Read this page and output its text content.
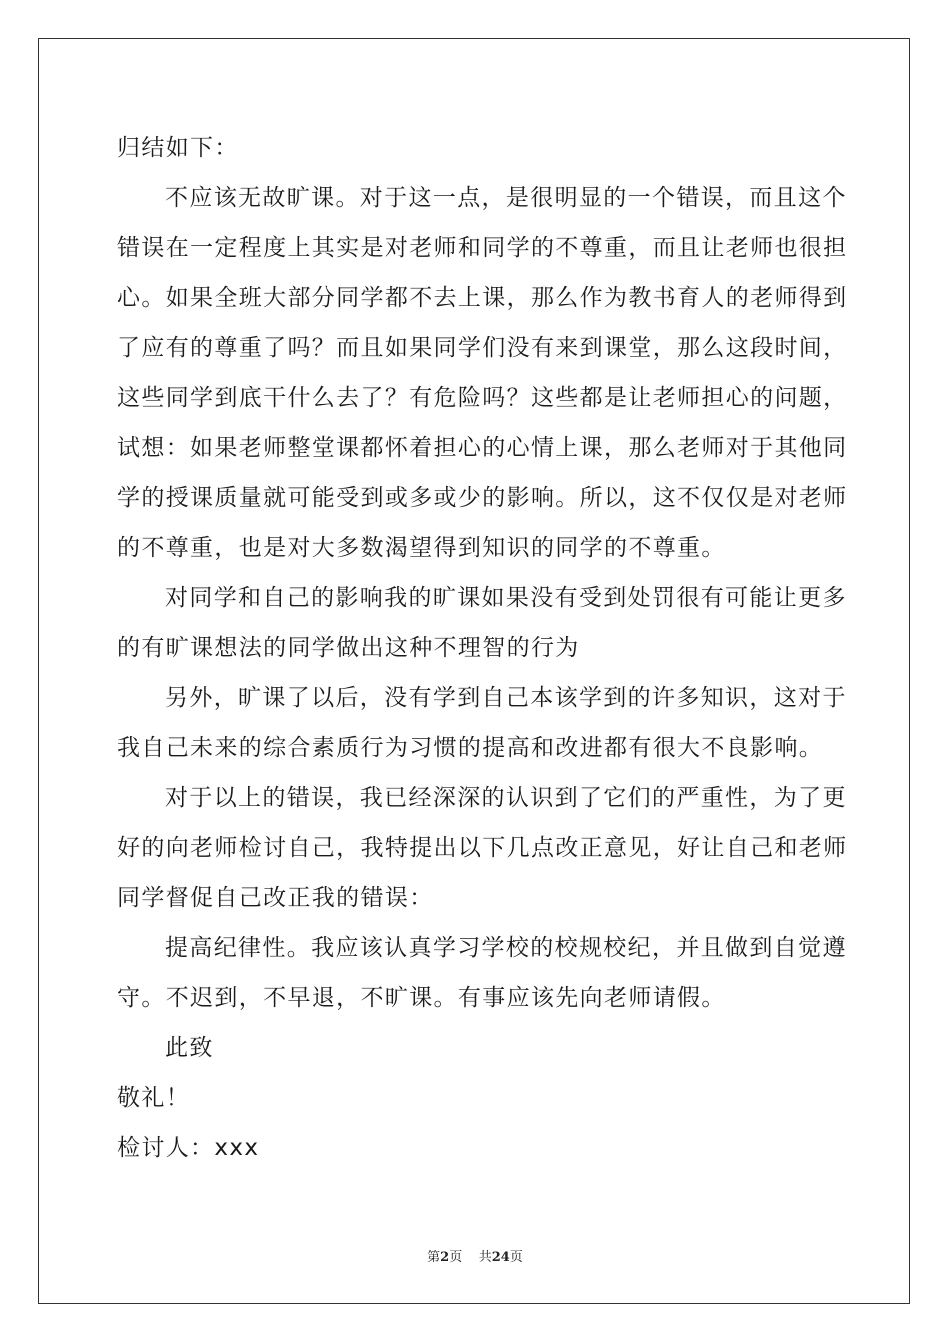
归结如下：
不应该无故旷课。对于这一点，是很明显的一个错误，而且这个
错误在一定程度上其实是对老师和同学的不尊重，而且让老师也很担
心。如果全班大部分同学都不去上课，那么作为教书育人的老师得到
了应有的尊重了吗？而且如果同学们没有来到课堂，那么这段时间，
这些同学到底干什么去了？有危险吗？这些都是让老师担心的问题，
试想：如果老师整堂课都怀着担心的心情上课，那么老师对于其他同
学的授课质量就可能受到或多或少的影响。所以，这不仅仅是对老师
的不尊重，也是对大多数渴望得到知识的同学的不尊重。
对同学和自己的影响我的旷课如果没有受到处罚很有可能让更多
的有旷课想法的同学做出这种不理智的行为
另外，旷课了以后，没有学到自己本该学到的许多知识，这对于
我自己未来的综合素质行为习惯的提高和改进都有很大不良影响。
对于以上的错误，我已经深深的认识到了它们的严重性，为了更
好的向老师检讨自己，我特提出以下几点改正意见，好让自己和老师
同学督促自己改正我的错误：
提高纪律性。我应该认真学习学校的校规校纪，并且做到自觉遵
守。不迟到，不早退，不旷课。有事应该先向老师请假。
此致
敬礼！
检讨人：xxx
第2页 共24页
